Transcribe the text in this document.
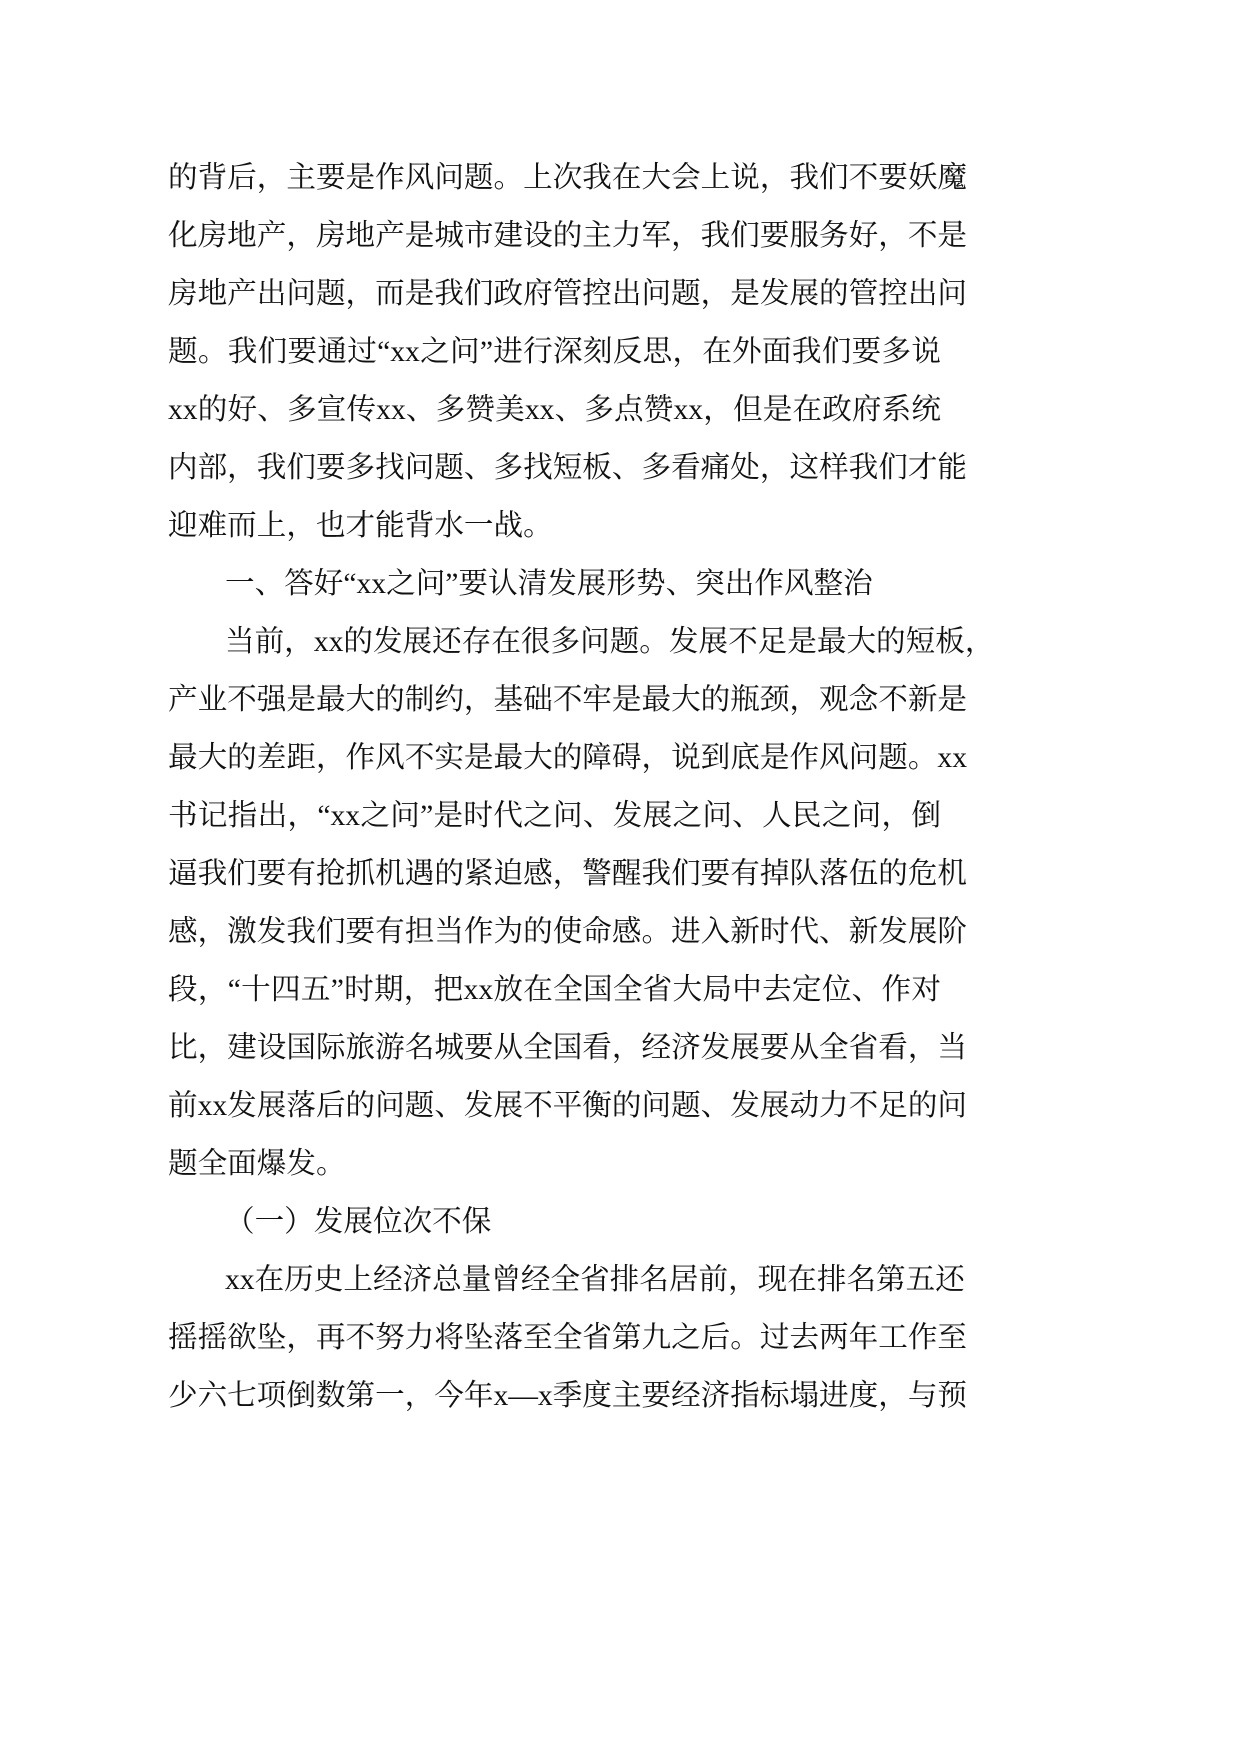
的背后，主要是作风问题。上次我在大会上说，我们不要妖魔
化房地产，房地产是城市建设的主力军，我们要服务好，不是
房地产出问题，而是我们政府管控出问题，是发展的管控出问
题。我们要通过“xx之问”进行深刻反思，在外面我们要多说
xx的好、多宣传xx、多赞美xx、多点赞xx，但是在政府系统
内部，我们要多找问题、多找短板、多看痛处，这样我们才能
迎难而上，也才能背水一战。
一、答好“xx之问”要认清发展形势、突出作风整治
当前，xx的发展还存在很多问题。发展不足是最大的短板，
产业不强是最大的制约，基础不牢是最大的瓶颈，观念不新是
最大的差距，作风不实是最大的障碍，说到底是作风问题。xx
书记指出，“xx之问”是时代之问、发展之问、人民之问，倒
逼我们要有抢抓机遇的紧迫感，警醒我们要有掉队落伍的危机
感，激发我们要有担当作为的使命感。进入新时代、新发展阶
段，“十四五”时期，把xx放在全国全省大局中去定位、作对
比，建设国际旅游名城要从全国看，经济发展要从全省看，当
前xx发展落后的问题、发展不平衡的问题、发展动力不足的问
题全面爆发。
（一）发展位次不保
xx在历史上经济总量曾经全省排名居前，现在排名第五还
摇摇欲坠，再不努力将坠落至全省第九之后。过去两年工作至
少六七项倒数第一，今年x—x季度主要经济指标塌进度，与预
